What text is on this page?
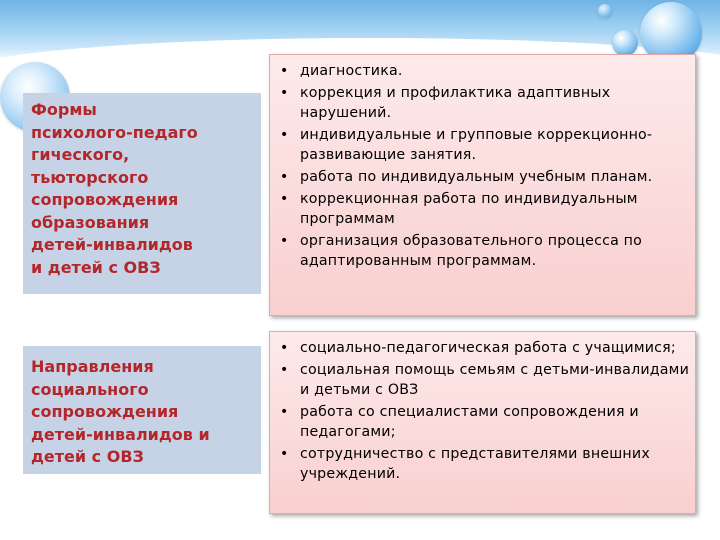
Формы
психолого-педаго
гического,
тьюторского
сопровождения
образования
детей-инвалидов
и детей с ОВЗ
Направления
социального
сопровождения
детей-инвалидов и
детей с ОВЗ
• диагностика.
• коррекция и профилактика адаптивных нарушений.
• индивидуальные и групповые коррекционно-развивающие занятия.
• работа по индивидуальным учебным планам.
• коррекционная работа по индивидуальным программам
• организация образовательного процесса по адаптированным программам.
• социально-педагогическая работа с учащимися;
• социальная помощь семьям с детьми-инвалидами и детьми с ОВЗ
• работа со специалистами сопровождения и педагогами;
• сотрудничество с представителями внешних учреждений.
